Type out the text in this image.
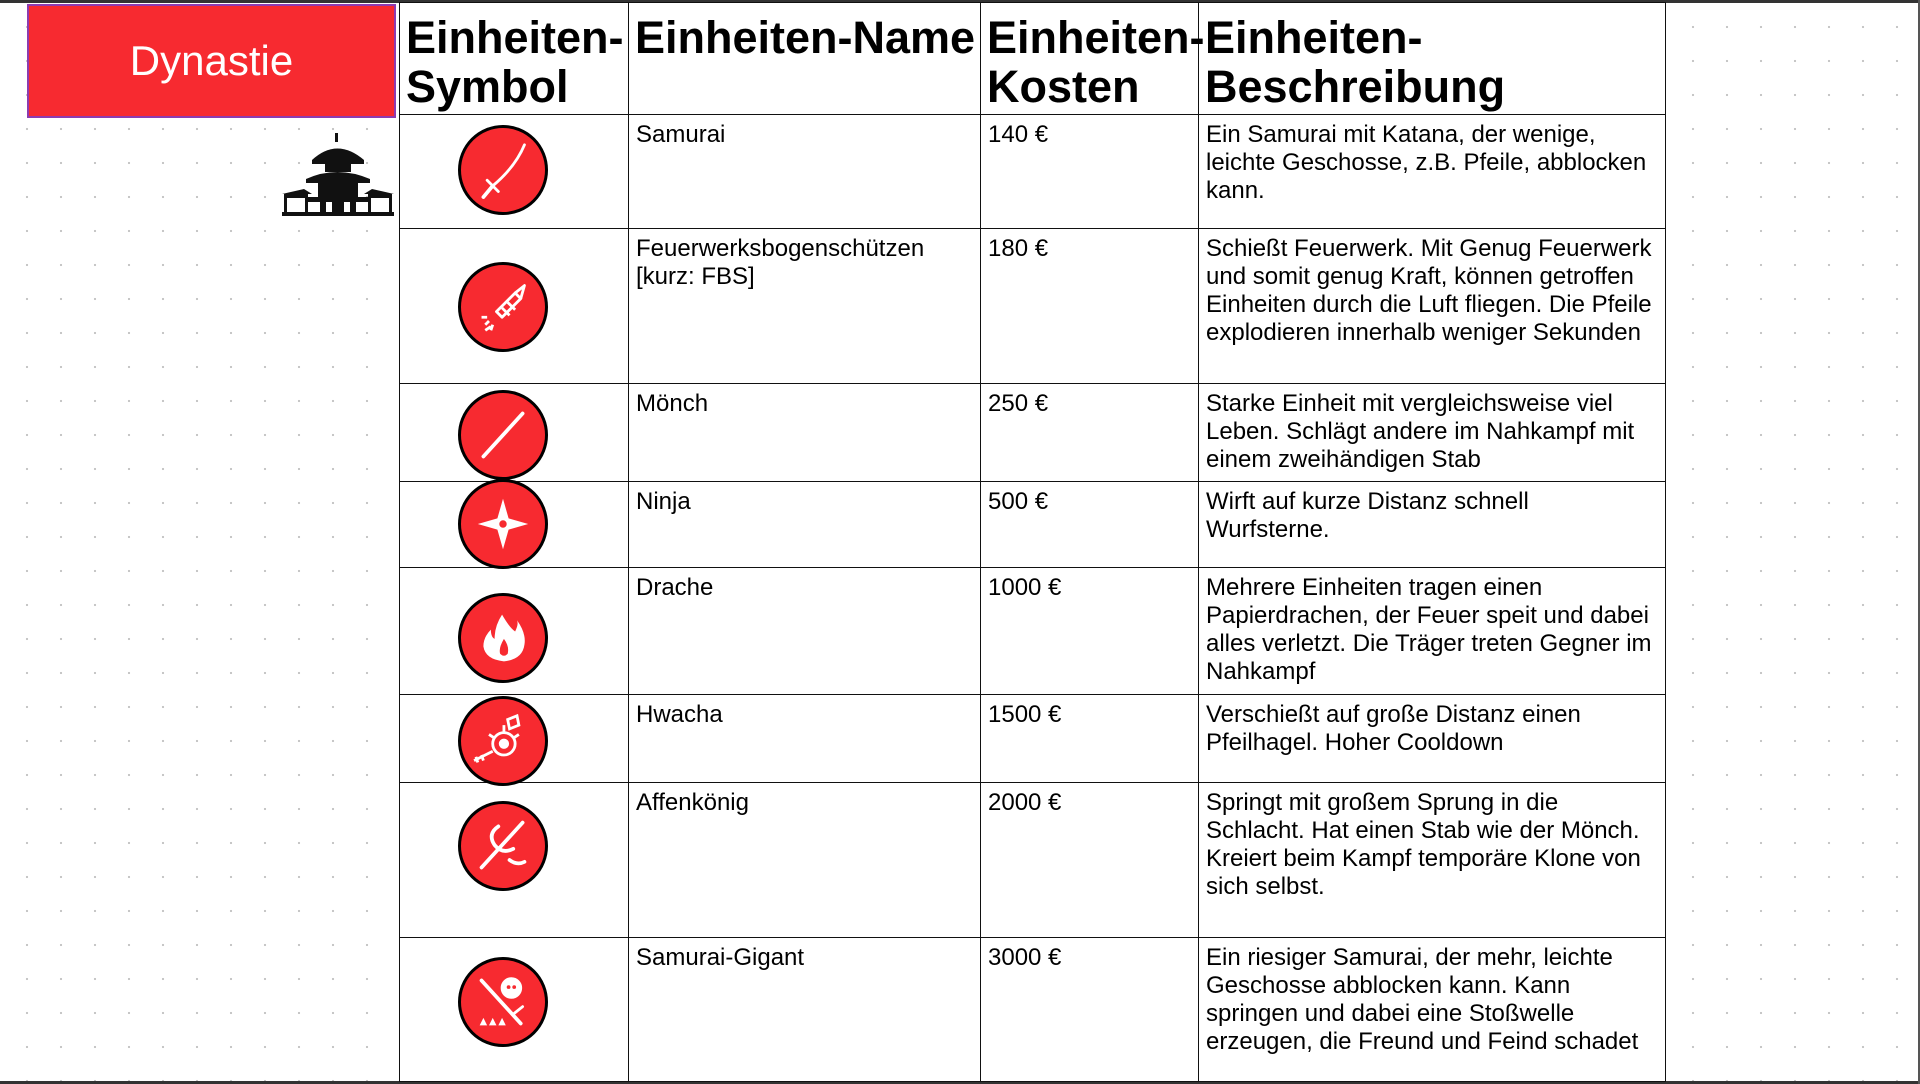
Dynastie	Einheiten-Symbol	Einheiten-Name	Einheiten-Kosten	Einheiten-Beschreibung

	Samurai	140 €	Ein Samurai mit Katana, der wenige, leichte Geschosse, z.B. Pfeile, abblocken kann.

	Feuerwerksbogenschützen [kurz: FBS]	180 €	Schießt Feuerwerk. Mit Genug Feuerwerk und somit genug Kraft, können getroffen Einheiten durch die Luft fliegen. Die Pfeile explodieren innerhalb weniger Sekunden

	Mönch	250 €	Starke Einheit mit vergleichsweise viel Leben. Schlägt andere im Nahkampf mit einem zweihändigen Stab

	Ninja	500 €	Wirft auf kurze Distanz schnell Wurfsterne.

	Drache	1000 €	Mehrere Einheiten tragen einen Papierdrachen, der Feuer speit und dabei alles verletzt. Die Träger treten Gegner im Nahkampf

	Hwacha	1500 €	Verschießt auf große Distanz einen Pfeilhagel. Hoher Cooldown

	Affenkönig	2000 €	Springt mit großem Sprung in die Schlacht. Hat einen Stab wie der Mönch. Kreiert beim Kampf temporäre Klone von sich selbst.

	Samurai-Gigant	3000 €	Ein riesiger Samurai, der mehr, leichte Geschosse abblocken kann. Kann springen und dabei eine Stoßwelle erzeugen, die Freund und Feind schadet
